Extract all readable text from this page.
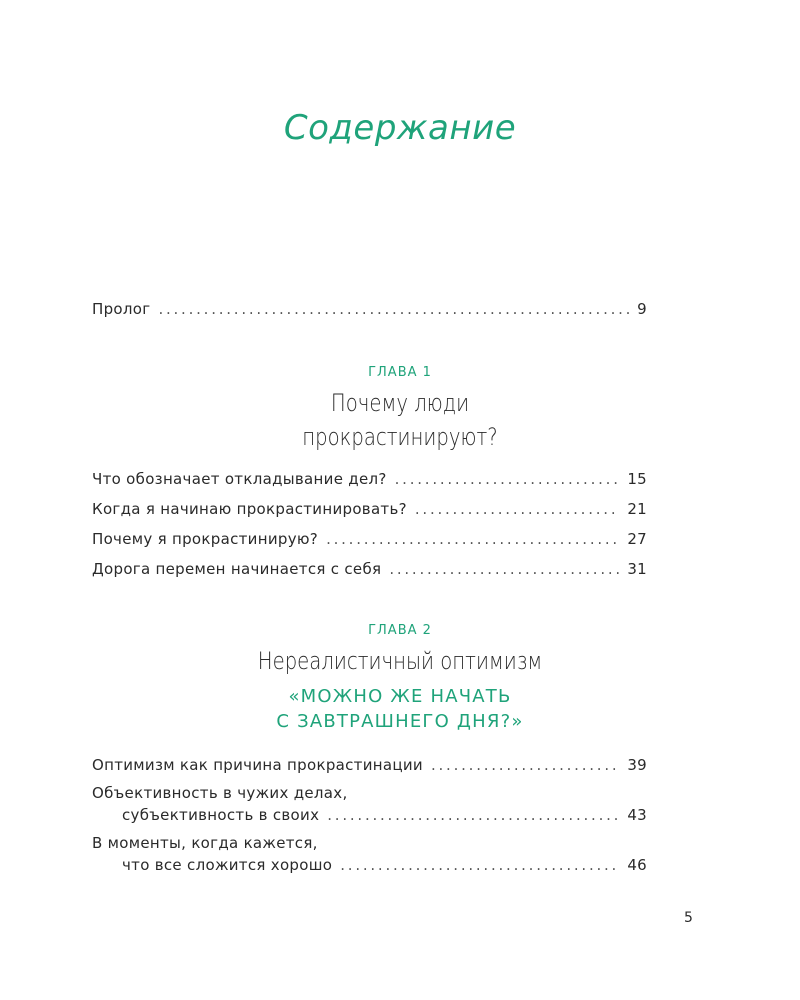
Содержание
Пролог . . .	9
ГЛАВА 1
Почему люди
прокрастинируют?
Что обозначает откладывание дел? . . .	15
Когда я начинаю прокрастинировать? . . .	21
Почему я прокрастинирую? . . .	27
Дорога перемен начинается с себя . . .	31
ГЛАВА 2
Нереалистичный оптимизм
«МОЖНО ЖЕ НАЧАТЬ
С ЗАВТРАШНЕГО ДНЯ?»
Оптимизм как причина прокрастинации . . .	39
Объективность в чужих делах,
субъективность в своих . . .	43
В моменты, когда кажется,
что все сложится хорошо . . .	46
5
